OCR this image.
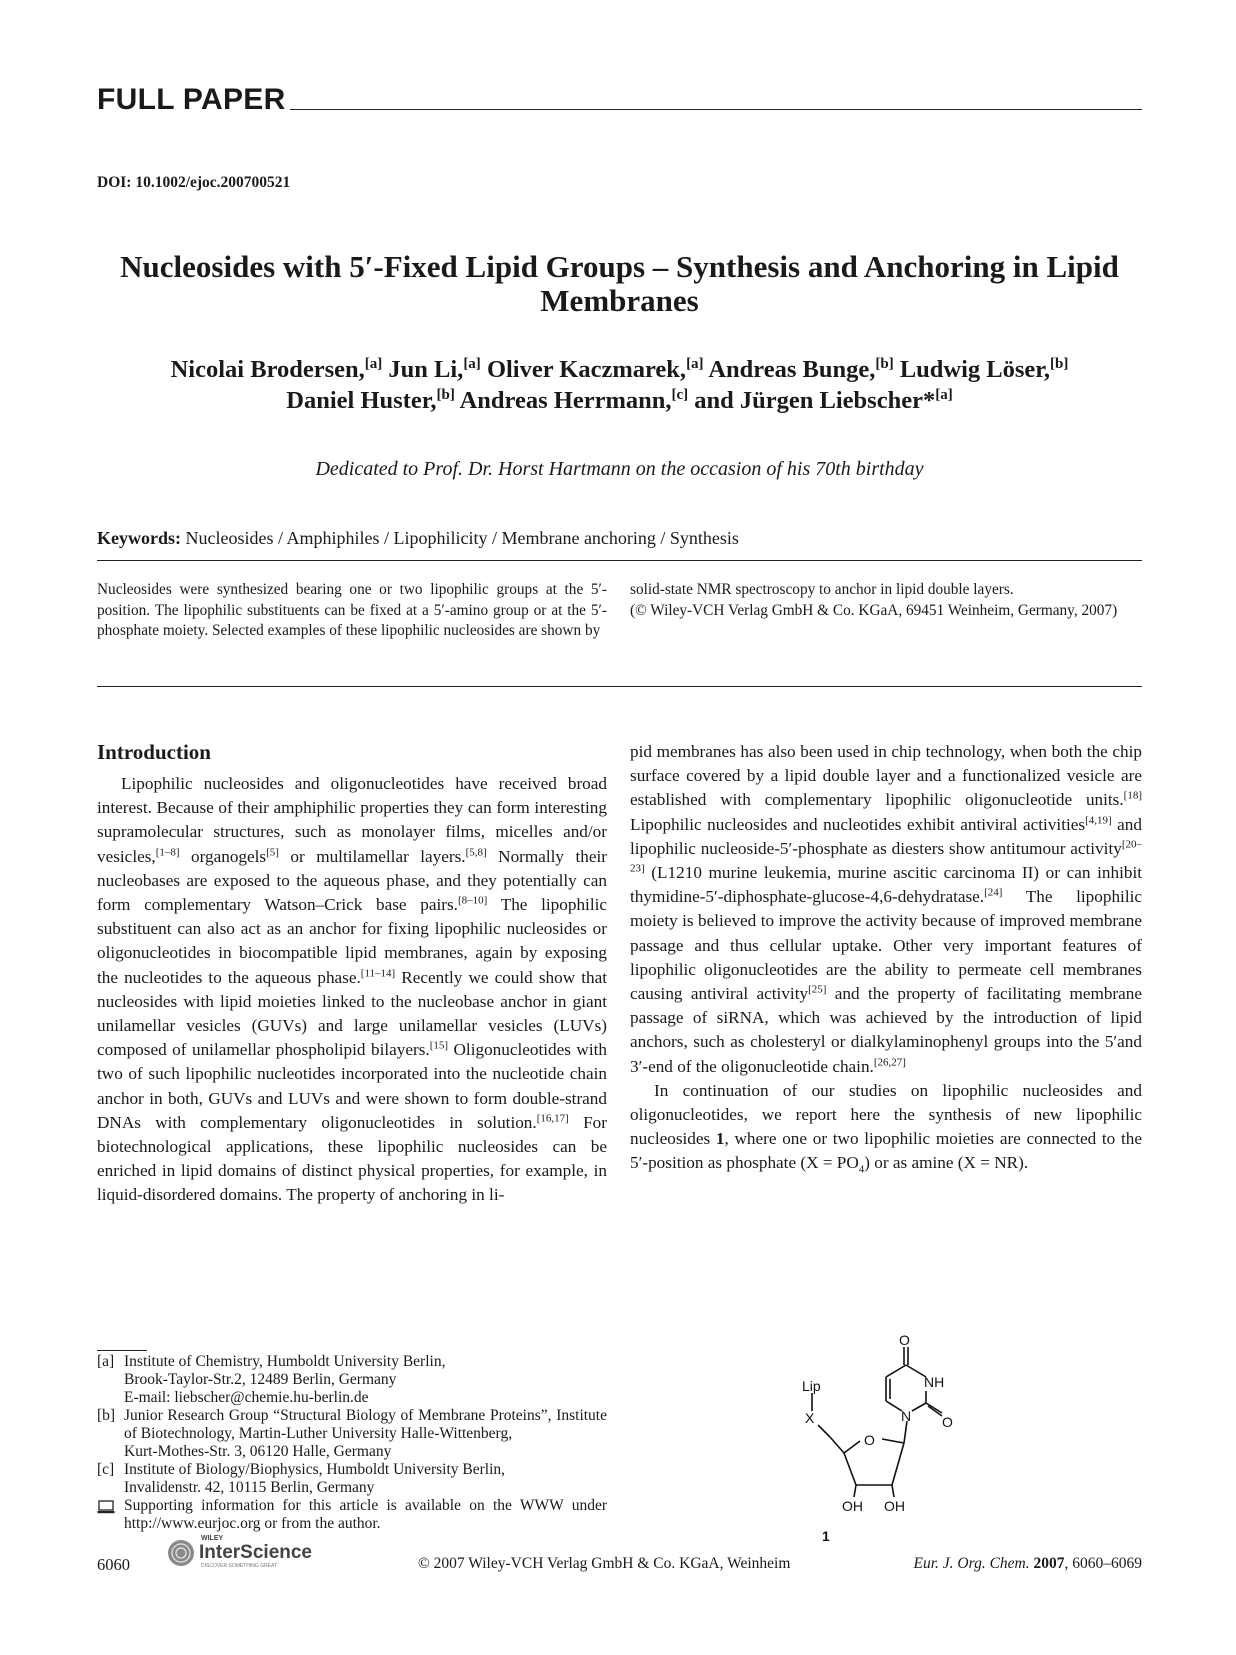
FULL PAPER
DOI: 10.1002/ejoc.200700521
Nucleosides with 5′-Fixed Lipid Groups – Synthesis and Anchoring in Lipid Membranes
Nicolai Brodersen,[a] Jun Li,[a] Oliver Kaczmarek,[a] Andreas Bunge,[b] Ludwig Löser,[b]
Daniel Huster,[b] Andreas Herrmann,[c] and Jürgen Liebscher*[a]
Dedicated to Prof. Dr. Horst Hartmann on the occasion of his 70th birthday
Keywords: Nucleosides / Amphiphiles / Lipophilicity / Membrane anchoring / Synthesis
Nucleosides were synthesized bearing one or two lipophilic groups at the 5′-position. The lipophilic substituents can be fixed at a 5′-amino group or at the 5′-phosphate moiety. Selected examples of these lipophilic nucleosides are shown by
solid-state NMR spectroscopy to anchor in lipid double layers.
(© Wiley-VCH Verlag GmbH & Co. KGaA, 69451 Weinheim, Germany, 2007)
Introduction

Lipophilic nucleosides and oligonucleotides have received broad interest. Because of their amphiphilic properties they can form interesting supramolecular structures, such as monolayer films, micelles and/or vesicles,[1–8] organogels[5] or multilamellar layers.[5,8] Normally their nucleobases are exposed to the aqueous phase, and they potentially can form complementary Watson–Crick base pairs.[8–10] The lipophilic substituent can also act as an anchor for fixing lipophilic nucleosides or oligonucleotides in biocompatible lipid membranes, again by exposing the nucleotides to the aqueous phase.[11–14] Recently we could show that nucleosides with lipid moieties linked to the nucleobase anchor in giant unilamellar vesicles (GUVs) and large unilamellar vesicles (LUVs) composed of unilamellar phospholipid bilayers.[15] Oligonucleotides with two of such lipophilic nucleotides incorporated into the nucleotide chain anchor in both, GUVs and LUVs and were shown to form double-strand DNAs with complementary oligonucleotides in solution.[16,17] For biotechnological applications, these lipophilic nucleosides can be enriched in lipid domains of distinct physical properties, for example, in liquid-disordered domains. The property of anchoring in li-

pid membranes has also been used in chip technology, when both the chip surface covered by a lipid double layer and a functionalized vesicle are established with complementary lipophilic oligonucleotide units.[18] Lipophilic nucleosides and nucleotides exhibit antiviral activities[4,19] and lipophilic nucleoside-5′-phosphate as diesters show antitumour activity[20–23] (L1210 murine leukemia, murine ascitic carcinoma II) or can inhibit thymidine-5′-diphosphate-glucose-4,6-dehydratase.[24] The lipophilic moiety is believed to improve the activity because of improved membrane passage and thus cellular uptake. Other very important features of lipophilic oligonucleotides are the ability to permeate cell membranes causing antiviral activity[25] and the property of facilitating membrane passage of siRNA, which was achieved by the introduction of lipid anchors, such as cholesteryl or dialkylaminophenyl groups into the 5′and 3′-end of the oligonucleotide chain.[26,27]

In continuation of our studies on lipophilic nucleosides and oligonucleotides, we report here the synthesis of new lipophilic nucleosides 1, where one or two lipophilic moieties are connected to the 5′-position as phosphate $(X = PO_4)$ or as amine (X = NR).

[a] Institute of Chemistry, Humboldt University Berlin,
Brook-Taylor-Str.2, 12489 Berlin, Germany
E-mail: liebscher@chemie.hu-berlin.de
[b] Junior Research Group “Structural Biology of Membrane Proteins”, Institute of Biotechnology, Martin-Luther University Halle-Wittenberg,
Kurt-Mothes-Str. 3, 06120 Halle, Germany
[c] Institute of Biology/Biophysics, Humboldt University Berlin,
Invalidenstr. 42, 10115 Berlin, Germany
Supporting information for this article is available on the WWW under http://www.eurjoc.org or from the author.
O
NH
O
N
Lip
X
O
OH OH
1
6060
WILEY
InterScience
DISCOVER SOMETHING GREAT	© 2007 Wiley-VCH Verlag GmbH & Co. KGaA, Weinheim	Eur. J. Org. Chem. 2007, 6060–6069
